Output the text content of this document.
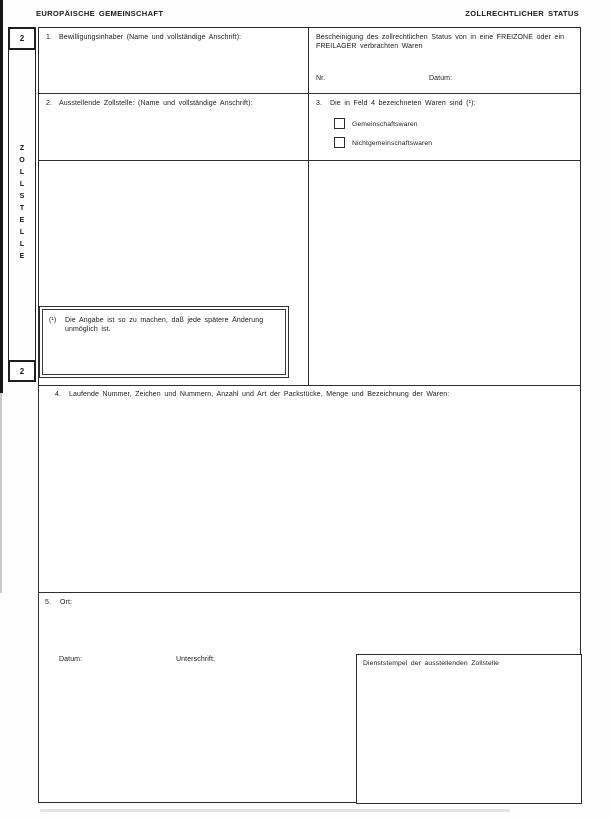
EUROPÄISCHE GEMEINSCHAFT	ZOLLRECHTLICHER STATUS
2
ZOLLSTELLE
2
1. Bewilligungsinhaber (Name und vollständige Anschrift):	Bescheinigung des zollrechtlichen Status von in eine FREIZONE oder ein FREILAGER verbrachten Waren
Nr.	Datum:
2. Ausstellende Zollstelle: (Name und vollständige Anschrift):	3. Die in Feld 4 bezeichneten Waren sind (¹):
Gemeinschaftswaren
Nichtgemeinschaftswaren
(¹) Die Angabe ist so zu machen, daß jede spätere Änderung unmöglich ist.
4. Laufende Nummer, Zeichen und Nummern, Anzahl und Art der Packstücke, Menge und Bezeichnung der Waren:
5. Ort:
Datum:	Unterschrift:
Dienststempel der ausstellenden Zollstelle
